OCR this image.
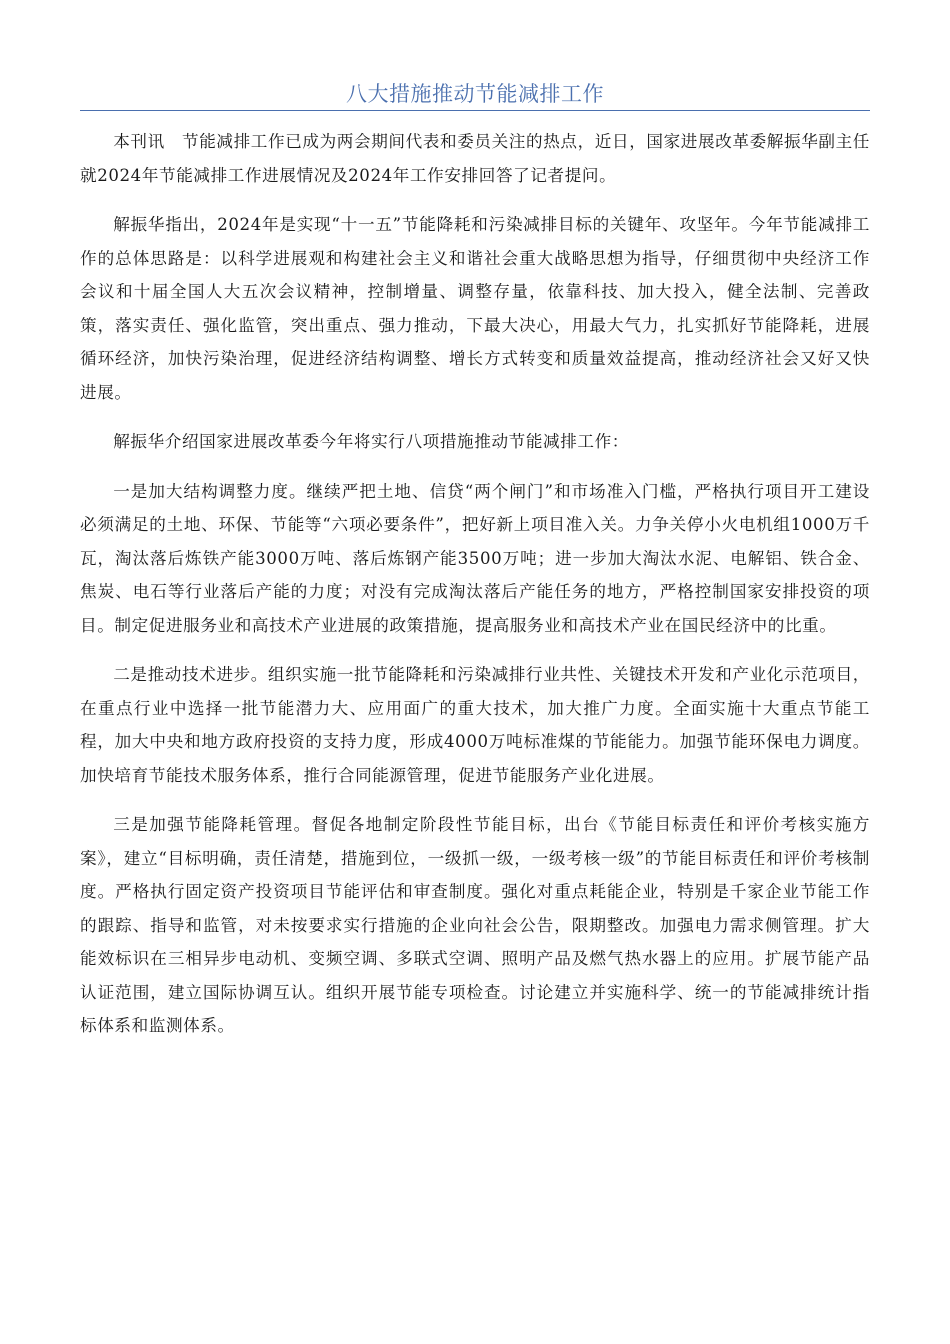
八大措施推动节能减排工作

本刊讯　节能减排工作已成为两会期间代表和委员关注的热点，近日，国家进展改革委解振华副主任就2024年节能减排工作进展情况及2024年工作安排回答了记者提问。

解振华指出，2024年是实现“十一五”节能降耗和污染减排目标的关键年、攻坚年。今年节能减排工作的总体思路是：以科学进展观和构建社会主义和谐社会重大战略思想为指导，仔细贯彻中央经济工作会议和十届全国人大五次会议精神，控制增量、调整存量，依靠科技、加大投入，健全法制、完善政策，落实责任、强化监管，突出重点、强力推动，下最大决心，用最大气力，扎实抓好节能降耗，进展循环经济，加快污染治理，促进经济结构调整、增长方式转变和质量效益提高，推动经济社会又好又快进展。

解振华介绍国家进展改革委今年将实行八项措施推动节能减排工作：

一是加大结构调整力度。继续严把土地、信贷“两个闸门”和市场准入门槛，严格执行项目开工建设必须满足的土地、环保、节能等“六项必要条件”，把好新上项目准入关。力争关停小火电机组1000万千瓦，淘汰落后炼铁产能3000万吨、落后炼钢产能3500万吨；进一步加大淘汰水泥、电解铝、铁合金、焦炭、电石等行业落后产能的力度；对没有完成淘汰落后产能任务的地方，严格控制国家安排投资的项目。制定促进服务业和高技术产业进展的政策措施，提高服务业和高技术产业在国民经济中的比重。

二是推动技术进步。组织实施一批节能降耗和污染减排行业共性、关键技术开发和产业化示范项目，在重点行业中选择一批节能潜力大、应用面广的重大技术，加大推广力度。全面实施十大重点节能工程，加大中央和地方政府投资的支持力度，形成4000万吨标准煤的节能能力。加强节能环保电力调度。加快培育节能技术服务体系，推行合同能源管理，促进节能服务产业化进展。

三是加强节能降耗管理。督促各地制定阶段性节能目标，出台《节能目标责任和评价考核实施方案》，建立“目标明确，责任清楚，措施到位，一级抓一级，一级考核一级”的节能目标责任和评价考核制度。严格执行固定资产投资项目节能评估和审查制度。强化对重点耗能企业，特别是千家企业节能工作的跟踪、指导和监管，对未按要求实行措施的企业向社会公告，限期整改。加强电力需求侧管理。扩大能效标识在三相异步电动机、变频空调、多联式空调、照明产品及燃气热水器上的应用。扩展节能产品认证范围，建立国际协调互认。组织开展节能专项检查。讨论建立并实施科学、统一的节能减排统计指标体系和监测体系。
